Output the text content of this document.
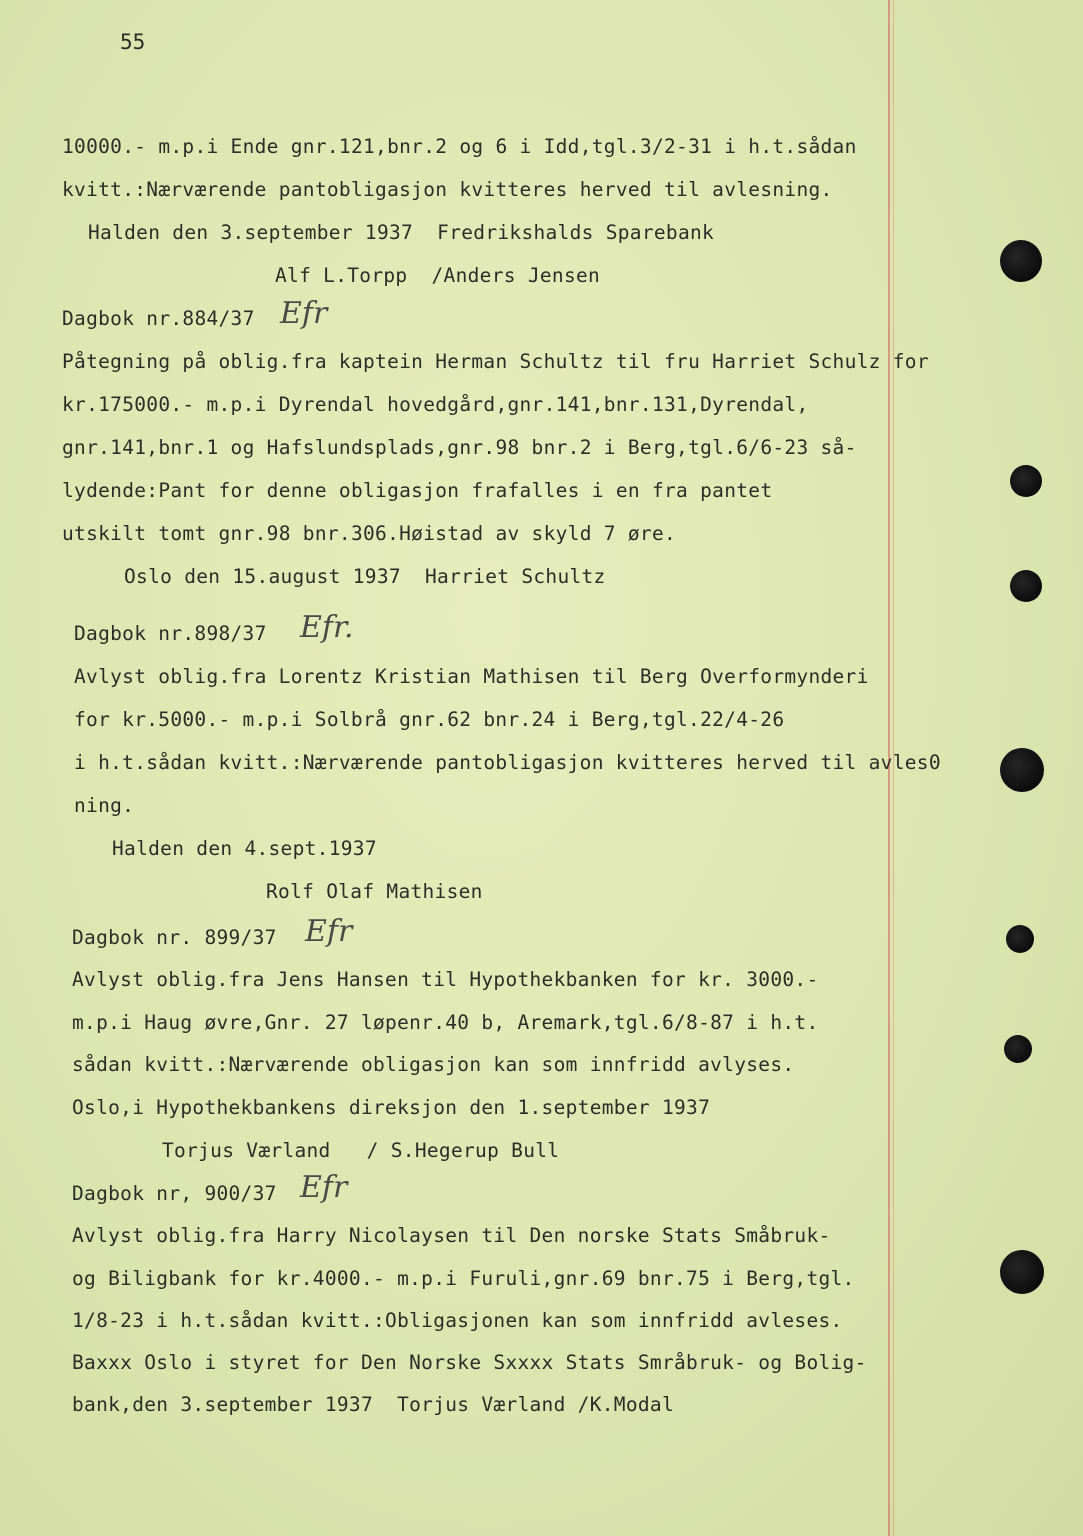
55
10000.- m.p.i Ende gnr.121,bnr.2 og 6 i Idd,tgl.3/2-31 i h.t.sådan
kvitt.:Nærværende pantobligasjon kvitteres herved til avlesning.
Halden den 3.september 1937  Fredrikshalds Sparebank
Alf L.Torpp  /Anders Jensen
Dagbok nr.884/37
Påtegning på oblig.fra kaptein Herman Schultz til fru Harriet Schulz for
kr.175000.- m.p.i Dyrendal hovedgård,gnr.141,bnr.131,Dyrendal,
gnr.141,bnr.1 og Hafslundsplads,gnr.98 bnr.2 i Berg,tgl.6/6-23 så-
lydende:Pant for denne obligasjon frafalles i en fra pantet
utskilt tomt gnr.98 bnr.306.Høistad av skyld 7 øre.
Oslo den 15.august 1937  Harriet Schultz
Dagbok nr.898/37
Avlyst oblig.fra Lorentz Kristian Mathisen til Berg Overformynderi
for kr.5000.- m.p.i Solbrå gnr.62 bnr.24 i Berg,tgl.22/4-26
i h.t.sådan kvitt.:Nærværende pantobligasjon kvitteres herved til avles0
ning.
Halden den 4.sept.1937
Rolf Olaf Mathisen
Dagbok nr. 899/37
Avlyst oblig.fra Jens Hansen til Hypothekbanken for kr. 3000.-
m.p.i Haug øvre,Gnr. 27 løpenr.40 b, Aremark,tgl.6/8-87 i h.t.
sådan kvitt.:Nærværende obligasjon kan som innfridd avlyses.
Oslo,i Hypothekbankens direksjon den 1.september 1937
Torjus Værland   / S.Hegerup Bull
Dagbok nr, 900/37
Avlyst oblig.fra Harry Nicolaysen til Den norske Stats Småbruk-
og Biligbank for kr.4000.- m.p.i Furuli,gnr.69 bnr.75 i Berg,tgl.
1/8-23 i h.t.sådan kvitt.:Obligasjonen kan som innfridd avleses.
Baxxx Oslo i styret for Den Norske Sxxxx Stats Smråbruk- og Bolig-
bank,den 3.september 1937  Torjus Værland /K.Modal
Efr
Efr.
Efr
Efr
